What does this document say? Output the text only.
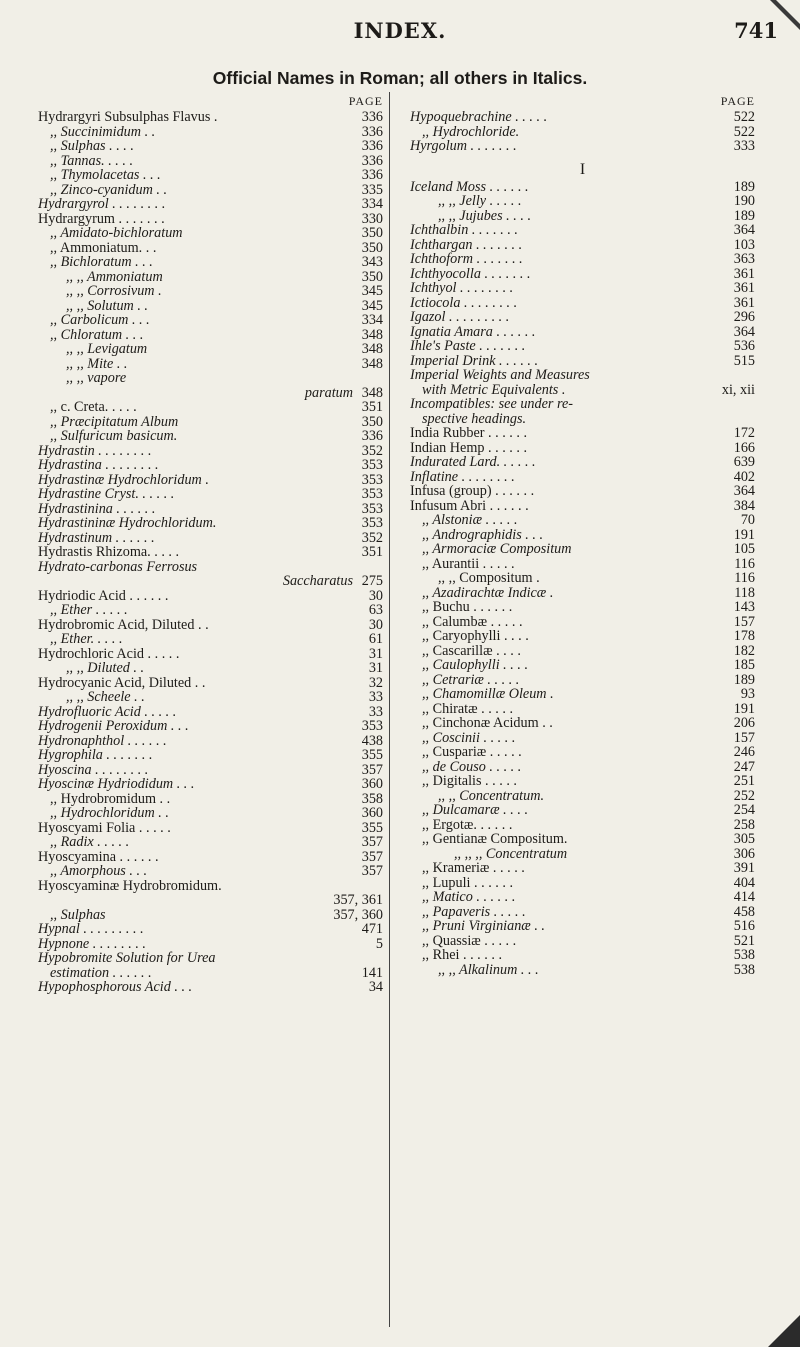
INDEX.	741
Official Names in Roman; all others in Italics.
PAGE
Hydrargyri Subsulphas Flavus .	336
,, Succinimidum . .	336
,, Sulphas . . . .	336
,, Tannas. . . . .	336
,, Thymolacetas . . .	336
,, Zinco-cyanidum . .	335
Hydrargyrol . . . . . . . .	334
Hydrargyrum . . . . . . .	330
,, Amidato-bichloratum	350
,, Ammoniatum. . .	350
,, Bichloratum . . .	343
,, ,, Ammoniatum	350
,, ,, Corrosivum .	345
,, ,, Solutum . .	345
,, Carbolicum . . .	334
,, Chloratum . . .	348
,, ,, Levigatum	348
,, ,, Mite . .	348
,, ,, vapore
paratum 348
,, c. Creta. . . . .	351
,, Præcipitatum Album	350
,, Sulfuricum basicum.	336
Hydrastin . . . . . . . .	352
Hydrastina . . . . . . . .	353
Hydrastinæ Hydrochloridum .	353
Hydrastine Cryst. . . . . .	353
Hydrastinina . . . . . .	353
Hydrastininæ Hydrochloridum.	353
Hydrastinum . . . . . .	352
Hydrastis Rhizoma. . . . .	351
Hydrato-carbonas Ferrosus
Saccharatus 275
Hydriodic Acid . . . . . .	30
,, Ether . . . . .	63
Hydrobromic Acid, Diluted . .	30
,, Ether. . . . .	61
Hydrochloric Acid . . . . .	31
,, ,, Diluted . .	31
Hydrocyanic Acid, Diluted . .	32
,, ,, Scheele . .	33
Hydrofluoric Acid . . . . .	33
Hydrogenii Peroxidum . . .	353
Hydronaphthol . . . . . .	438
Hygrophila . . . . . . .	355
Hyoscina . . . . . . . .	357
Hyoscinæ Hydriodidum . . .	360
,, Hydrobromidum . .	358
,, Hydrochloridum . .	360
Hyoscyami Folia . . . . .	355
,, Radix . . . . .	357
Hyoscyamina . . . . . .	357
,, Amorphous . . .	357
Hyoscyaminæ Hydrobromidum.
357, 361
,, Sulphas	357, 360
Hypnal . . . . . . . . .	471
Hypnone . . . . . . . .	5
Hypobromite Solution for Urea
estimation . . . . . .	141
Hypophosphorous Acid . . .	34
PAGE
Hypoquebrachine . . . . .	522
,, Hydrochloride.	522
Hyrgolum . . . . . . .	333
I
Iceland Moss . . . . . .	189
,, ,, Jelly . . . . .	190
,, ,, Jujubes . . . .	189
Ichthalbin . . . . . . .	364
Ichthargan . . . . . . .	103
Ichthoform . . . . . . .	363
Ichthyocolla . . . . . . .	361
Ichthyol . . . . . . . .	361
Ictiocola . . . . . . . .	361
Igazol . . . . . . . . .	296
Ignatia Amara . . . . . .	364
Ihle's Paste . . . . . . .	536
Imperial Drink . . . . . .	515
Imperial Weights and Measures
with Metric Equivalents .	xi, xii
Incompatibles: see under re-
spective headings.
India Rubber . . . . . .	172
Indian Hemp . . . . . .	166
Indurated Lard. . . . . .	639
Inflatine . . . . . . . .	402
Infusa (group) . . . . . .	364
Infusum Abri . . . . . .	384
,, Alstoniæ . . . . .	70
,, Andrographidis . . .	191
,, Armoraciæ Compositum	105
,, Aurantii . . . . .	116
,, ,, Compositum .	116
,, Azadirachtæ Indicæ .	118
,, Buchu . . . . . .	143
,, Calumbæ . . . . .	157
,, Caryophylli . . . .	178
,, Cascarillæ . . . .	182
,, Caulophylli . . . .	185
,, Cetrariæ . . . . .	189
,, Chamomillæ Oleum .	93
,, Chiratæ . . . . .	191
,, Cinchonæ Acidum . .	206
,, Coscinii . . . . .	157
,, Cuspariæ . . . . .	246
,, de Couso . . . . .	247
,, Digitalis . . . . .	251
,, ,, Concentratum.	252
,, Dulcamaræ . . . .	254
,, Ergotæ. . . . . .	258
,, Gentianæ Compositum.	305
,, ,, ,, Concentratum	306
,, Krameriæ . . . . .	391
,, Lupuli . . . . . .	404
,, Matico . . . . . .	414
,, Papaveris . . . . .	458
,, Pruni Virginianæ . .	516
,, Quassiæ . . . . .	521
,, Rhei . . . . . .	538
,, ,, Alkalinum . . .	538
